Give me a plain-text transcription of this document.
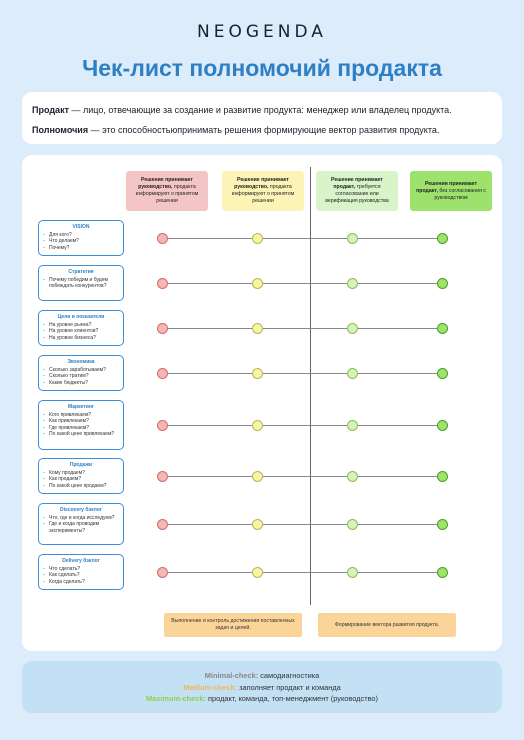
NEOGENDA
Чек-лист полномочий продакта
Продакт — лицо, отвечающие за создание и развитие продукта: менеджер или владелец продукта.
Полномочия — это способностьюпринимать решения формирующие вектор развития продукта.
Решение принимает руководство, продакта информируют о принятом решении
Решение принимает руководство, продакта информируют о принятом решении
Решение принимает продакт, требуется согласование или верификация руководства
Решения принимает продакт, без согласования с руководством
VISION
- Для кого?
- Что делаем?
- Почему?
Стратегия
- Почему победим и будем побеждать конкурентов?
Цели и показатели
- На уровне рынка?
- На уровне клиентов?
- На уровне бизнеса?
Экономика
- Сколько заработываем?
- Сколько тратим?
- Какие бюджеты?
Маркетинг
- Кого привлекаем?
- Как привлекаем?
- Где привлекаем?
- По какой цене привлекаем?
Продажи
- Кому продаем?
- Как продаем?
- По какой цене продаем?
Discovery бэклог
- Что, где и когда исследуем?
- Где и когда проводим эксперименты?
Delivery бэклог
- Что сделать?
- Как сделать?
- Когда сделать?
Выполнение и контроль достижения поставленных задач и целей.
Формирование вектора развития продукта.
Minimal-check: самодиагностика
Medium-check: заполняет продакт и команда
Maximum-check: продакт, команда, топ-менеджмент (руководство)
